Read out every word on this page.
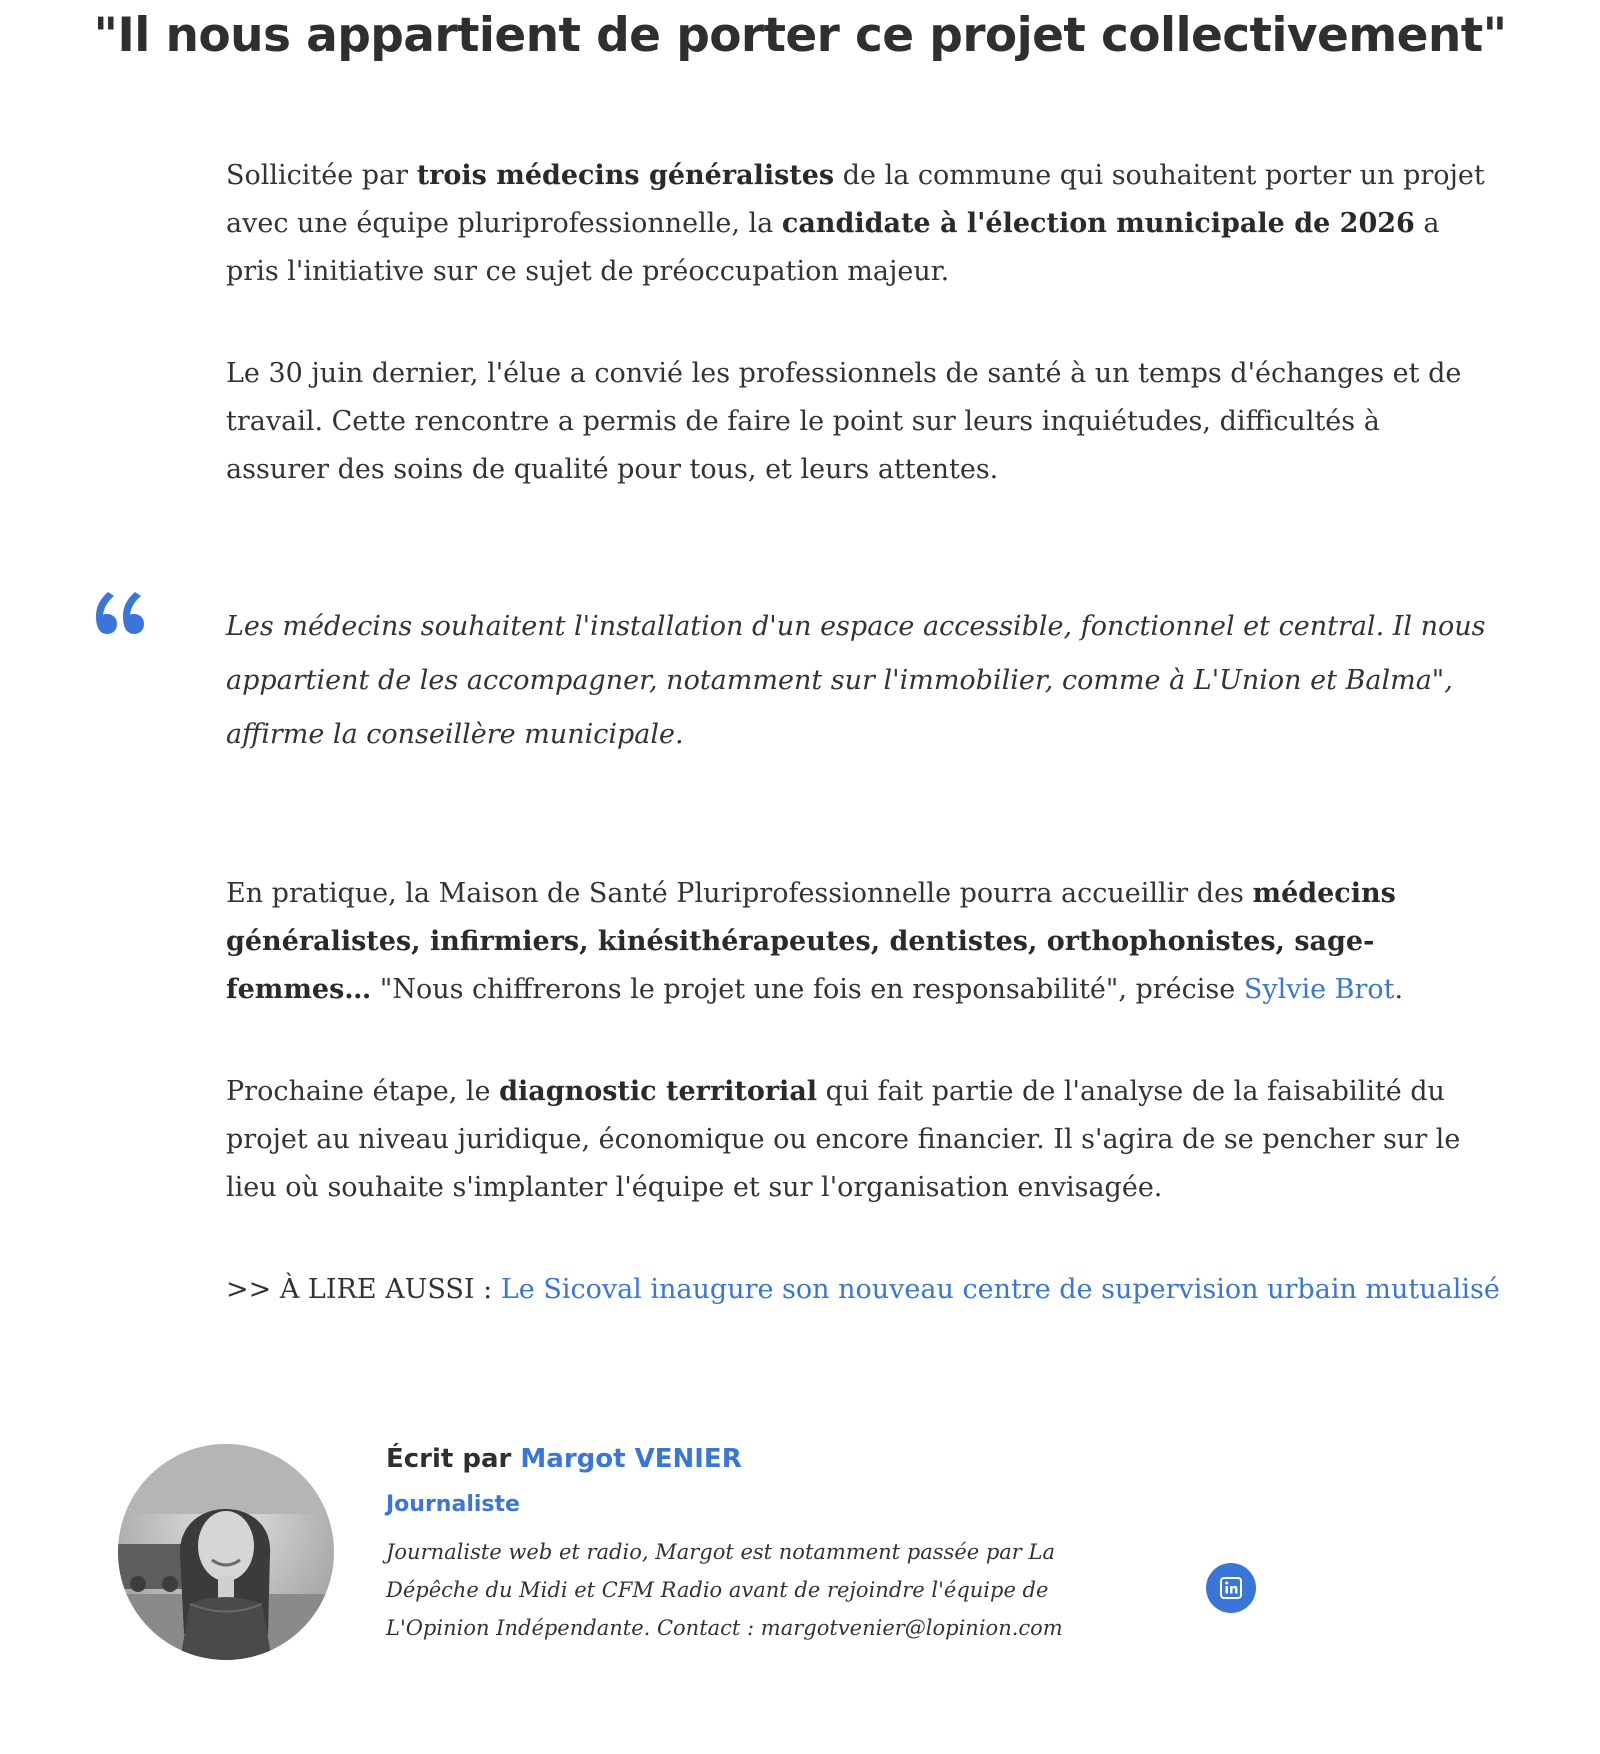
"Il nous appartient de porter ce projet collectivement"

Sollicitée par trois médecins généralistes de la commune qui souhaitent porter un projet avec une équipe pluriprofessionnelle, la candidate à l'élection municipale de 2026 a pris l'initiative sur ce sujet de préoccupation majeur.

Le 30 juin dernier, l'élue a convié les professionnels de santé à un temps d'échanges et de travail. Cette rencontre a permis de faire le point sur leurs inquiétudes, difficultés à assurer des soins de qualité pour tous, et leurs attentes.

Les médecins souhaitent l'installation d'un espace accessible, fonctionnel et central. Il nous appartient de les accompagner, notamment sur l'immobilier, comme à L'Union et Balma", affirme la conseillère municipale.

En pratique, la Maison de Santé Pluriprofessionnelle pourra accueillir des médecins généralistes, infirmiers, kinésithérapeutes, dentistes, orthophonistes, sage-femmes… "Nous chiffrerons le projet une fois en responsabilité", précise Sylvie Brot.

Prochaine étape, le diagnostic territorial qui fait partie de l'analyse de la faisabilité du projet au niveau juridique, économique ou encore financier. Il s'agira de se pencher sur le lieu où souhaite s'implanter l'équipe et sur l'organisation envisagée.

>> À LIRE AUSSI : Le Sicoval inaugure son nouveau centre de supervision urbain mutualisé

Écrit par Margot VENIER
Journaliste

Journaliste web et radio, Margot est notamment passée par La Dépêche du Midi et CFM Radio avant de rejoindre l'équipe de L'Opinion Indépendante. Contact : margotvenier@lopinion.com
